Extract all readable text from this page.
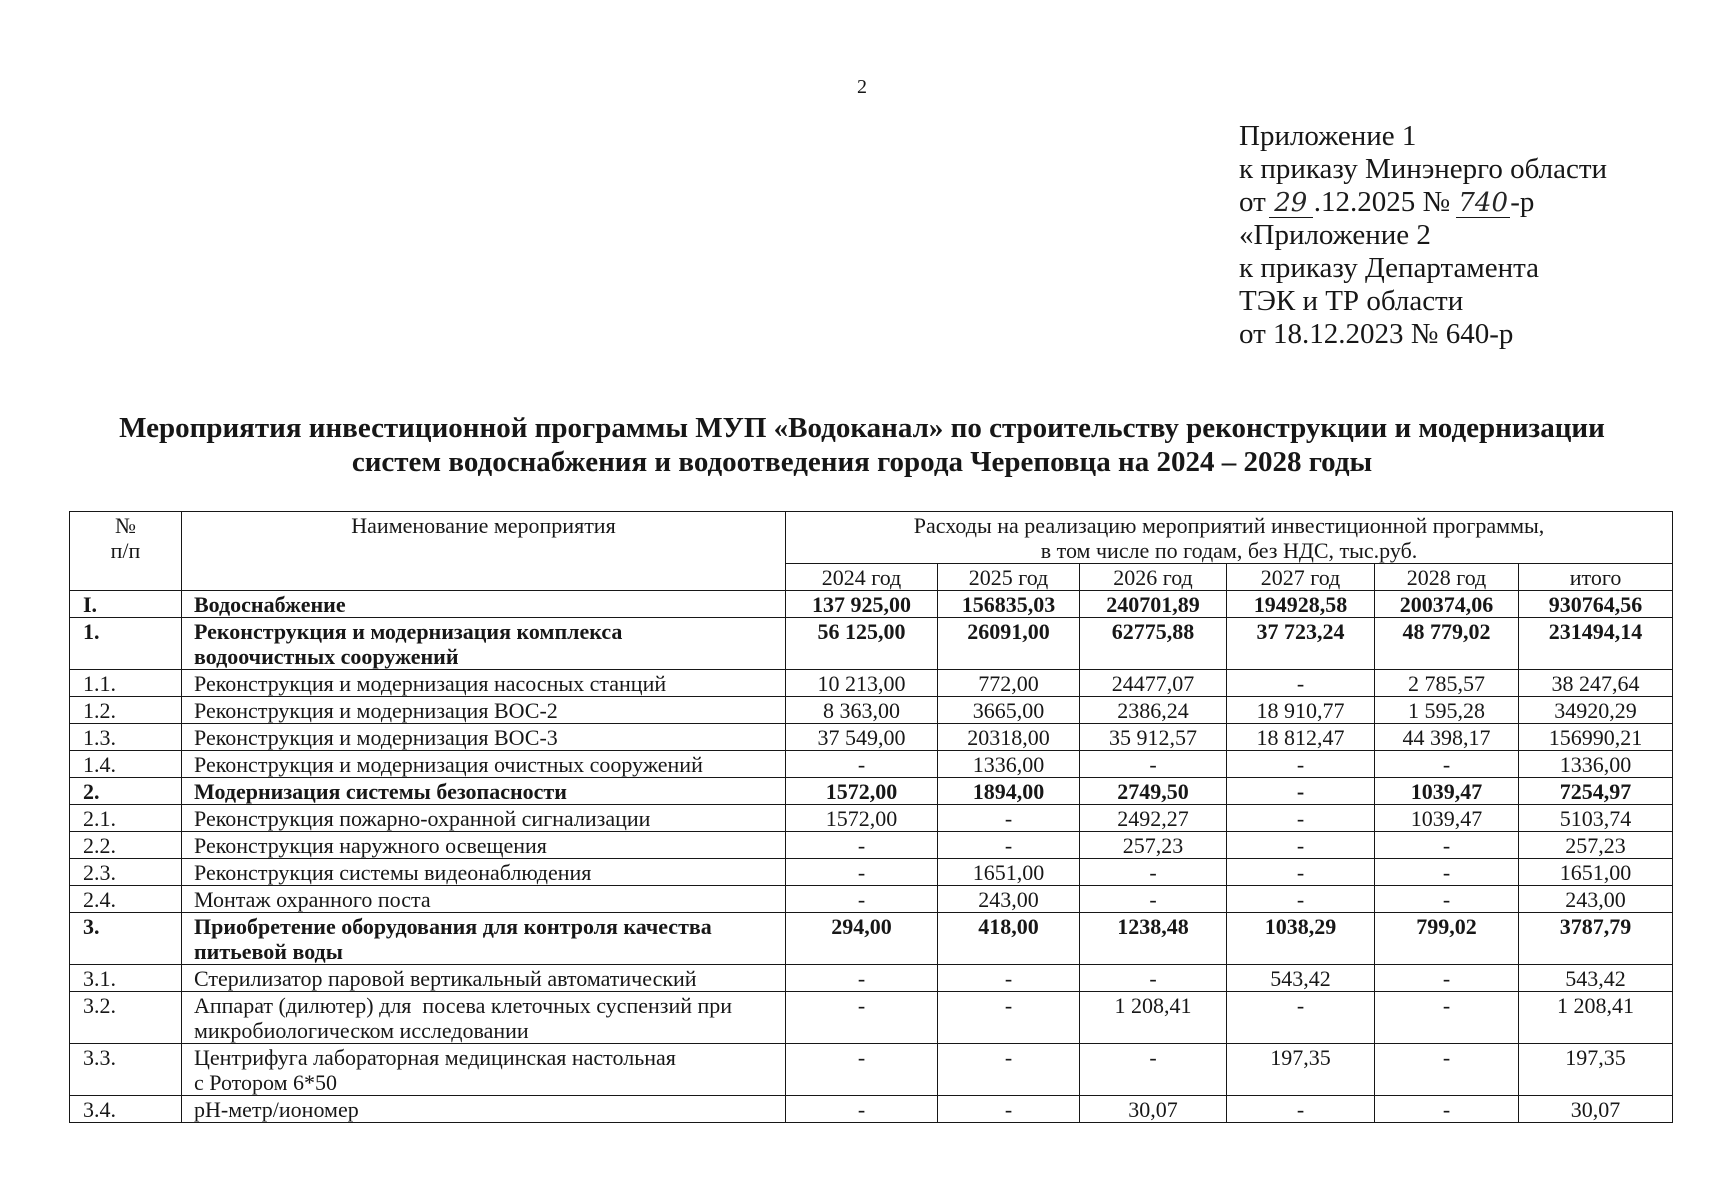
2
Приложение 1
к приказу Минэнерго области
от 29 .12.2025 № 740-р
«Приложение 2
к приказу Департамента
ТЭК и ТР области
от 18.12.2023 № 640-р
Мероприятия инвестиционной программы МУП «Водоканал» по строительству реконструкции и модернизации
систем водоснабжения и водоотведения города Череповца на 2024 – 2028 годы
№
п/п	Наименование мероприятия	Расходы на реализацию мероприятий инвестиционной программы,
в том числе по годам, без НДС, тыс.руб.					

		2024 год	2025 год	2026 год	2027 год	2028 год	итого
I.	Водоснабжение	137 925,00	156835,03	240701,89	194928,58	200374,06	930764,56
1.	Реконструкция и модернизация комплекса
водоочистных сооружений	56 125,00	26091,00	62775,88	37 723,24	48 779,02	231494,14
1.1.	Реконструкция и модернизация насосных станций	10 213,00	772,00	24477,07	-	2 785,57	38 247,64
1.2.	Реконструкция и модернизация ВОС-2	8 363,00	3665,00	2386,24	18 910,77	1 595,28	34920,29
1.3.	Реконструкция и модернизация ВОС-3	37 549,00	20318,00	35 912,57	18 812,47	44 398,17	156990,21
1.4.	Реконструкция и модернизация очистных сооружений	-	1336,00	-	-	-	1336,00
2.	Модернизация системы безопасности	1572,00	1894,00	2749,50	-	1039,47	7254,97
2.1.	Реконструкция пожарно-охранной сигнализации	1572,00	-	2492,27	-	1039,47	5103,74
2.2.	Реконструкция наружного освещения	-	-	257,23	-	-	257,23
2.3.	Реконструкция системы видеонаблюдения	-	1651,00	-	-	-	1651,00
2.4.	Монтаж охранного поста	-	243,00	-	-	-	243,00
3.	Приобретение оборудования для контроля качества
питьевой воды	294,00	418,00	1238,48	1038,29	799,02	3787,79
3.1.	Стерилизатор паровой вертикальный автоматический	-	-	-	543,42	-	543,42
3.2.	Аппарат (дилютер) для  посева клеточных суспензий при
микробиологическом исследовании	-	-	1 208,41	-	-	1 208,41
3.3.	Центрифуга лабораторная медицинская настольная
с Ротором 6*50	-	-	-	197,35	-	197,35
3.4.	pH-метр/иономер	-	-	30,07	-	-	30,07
